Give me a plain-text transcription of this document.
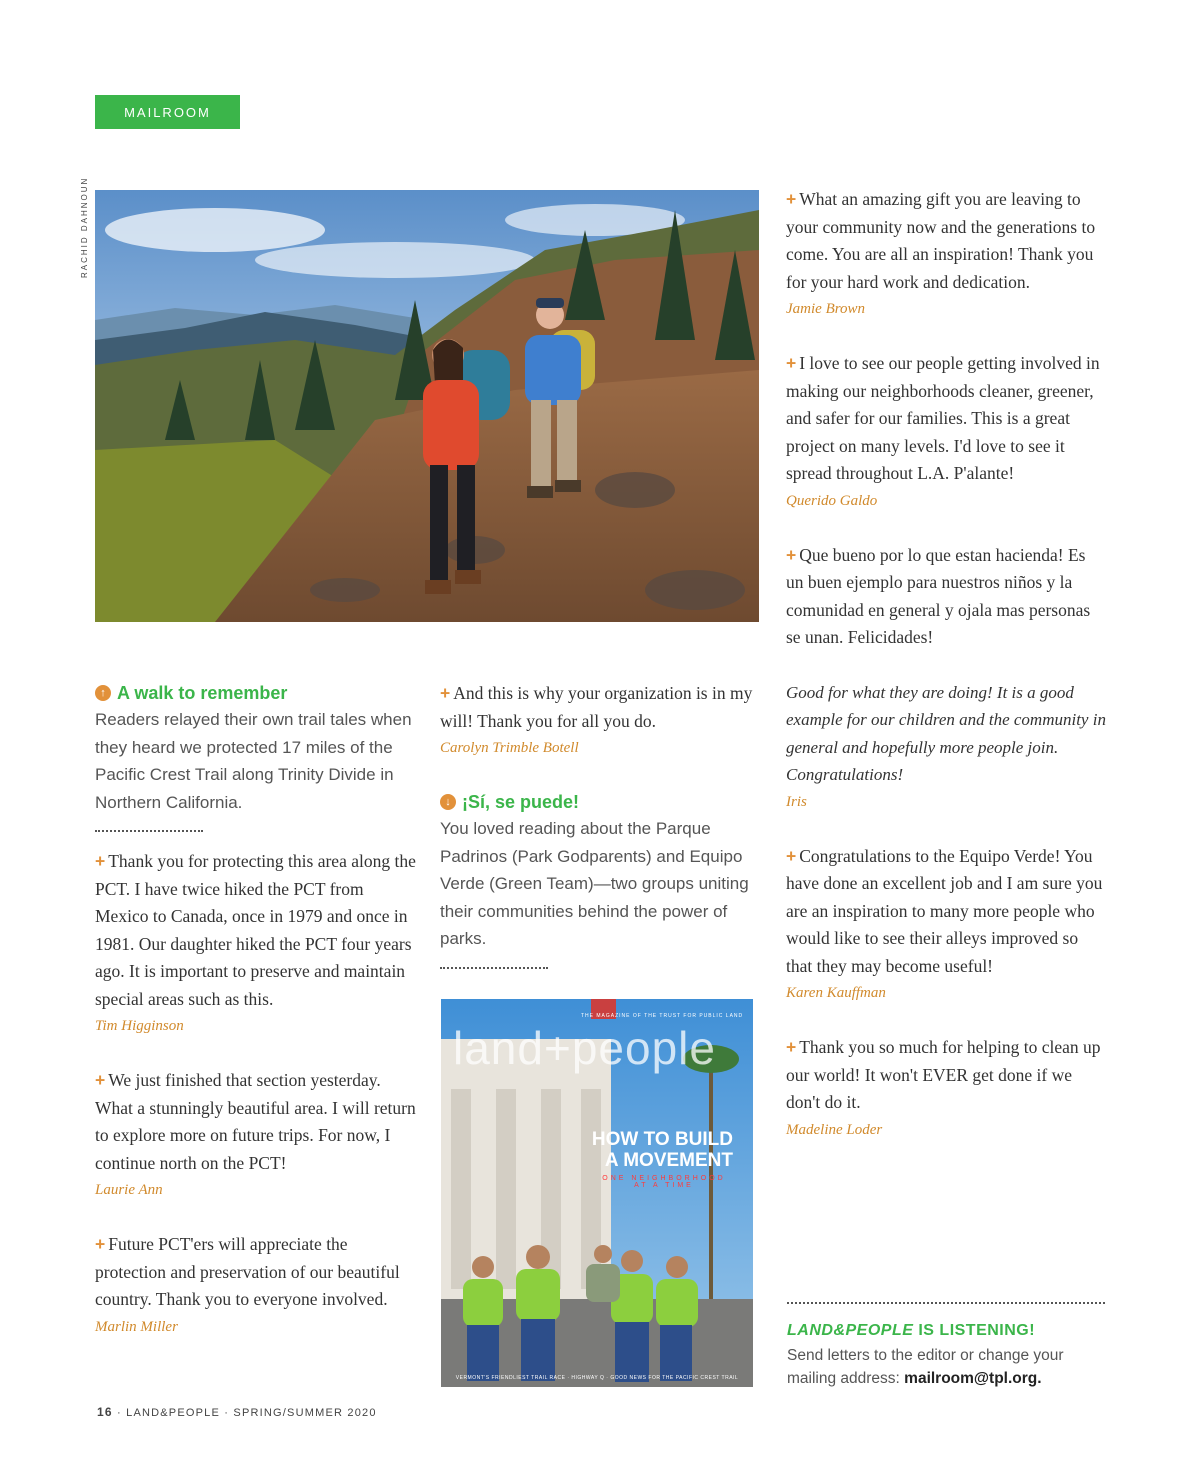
MAILROOM
RACHID DAHNOUN

↑ A walk to remember

Readers relayed their own trail tales when they heard we protected 17 miles of the Pacific Crest Trail along Trinity Divide in Northern California.

+ Thank you for protecting this area along the PCT. I have twice hiked the PCT from Mexico to Canada, once in 1979 and once in 1981. Our daughter hiked the PCT four years ago. It is important to preserve and maintain special areas such as this.

Tim Higginson

+ We just finished that section yesterday. What a stunningly beautiful area. I will return to explore more on future trips. For now, I continue north on the PCT!

Laurie Ann

+ Future PCT'ers will appreciate the protection and preservation of our beautiful country. Thank you to everyone involved.

Marlin Miller

+ And this is why your organization is in my will! Thank you for all you do.

Carolyn Trimble Botell

↓ ¡Sí, se puede!

You loved reading about the Parque Padrinos (Park Godparents) and Equipo Verde (Green Team)—two groups uniting their communities behind the power of parks.

land+people
THE MAGAZINE OF THE TRUST FOR PUBLIC LAND
HOW TO BUILD A MOVEMENT
ONE NEIGHBORHOOD AT A TIME
VERMONT'S FRIENDLIEST TRAIL RACE · HIGHWAY Q · GOOD NEWS FOR THE PACIFIC CREST TRAIL

+ What an amazing gift you are leaving to your community now and the generations to come. You are all an inspiration! Thank you for your hard work and dedication.

Jamie Brown

+ I love to see our people getting involved in making our neighborhoods cleaner, greener, and safer for our families. This is a great project on many levels. I'd love to see it spread throughout L.A. P'alante!

Querido Galdo

+ Que bueno por lo que estan hacienda! Es un buen ejemplo para nuestros niños y la comunidad en general y ojala mas personas se unan. Felicidades!

Good for what they are doing! It is a good example for our children and the community in general and hopefully more people join. Congratulations!

Iris

+ Congratulations to the Equipo Verde! You have done an excellent job and I am sure you are an inspiration to many more people who would like to see their alleys improved so that they may become useful!

Karen Kauffman

+ Thank you so much for helping to clean up our world! It won't EVER get done if we don't do it.

Madeline Loder

LAND&PEOPLE IS LISTENING!

Send letters to the editor or change your mailing address: mailroom@tpl.org.

16 · LAND&PEOPLE · SPRING/SUMMER 2020
